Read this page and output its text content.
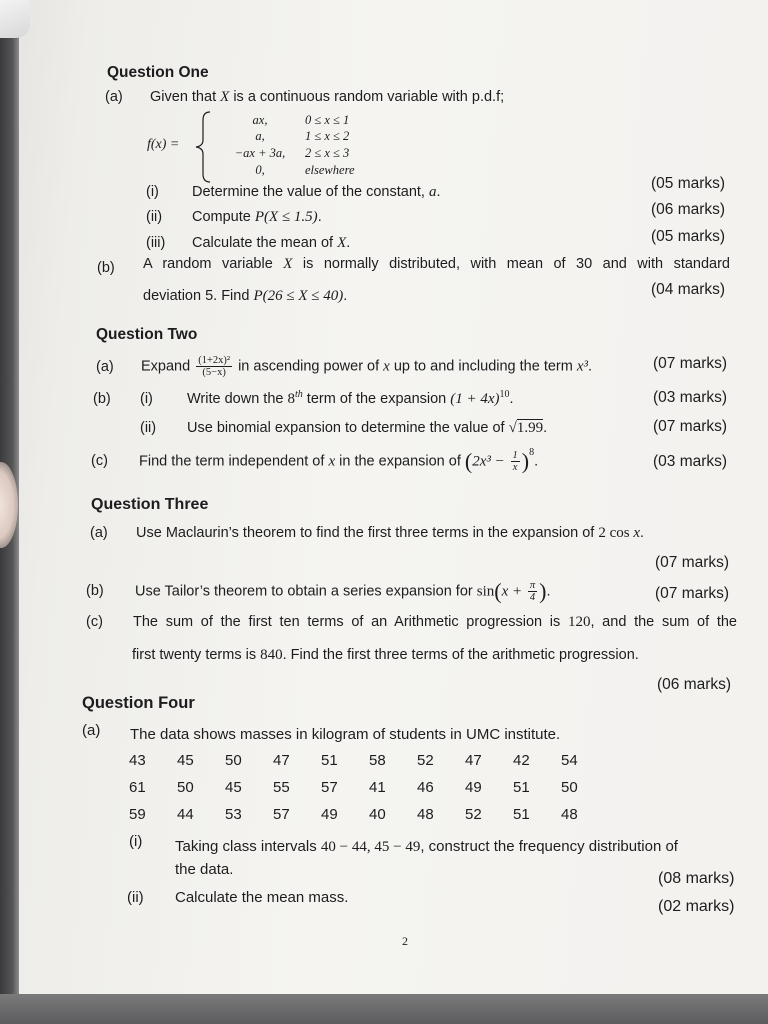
Question One
(a) Given that X is a continuous random variable with p.d.f;
f(x) =
ax,	0 ≤ x ≤ 1
a,	1 ≤ x ≤ 2
−ax + 3a,	2 ≤ x ≤ 3
0,	elsewhere
(i) Determine the value of the constant, a.	(05 marks)
(ii) Compute P(X ≤ 1.5).	(06 marks)
(iii) Calculate the mean of X.	(05 marks)
(b) A random variable X is normally distributed, with mean of 30 and with standard
deviation 5. Find P(26 ≤ X ≤ 40).	(04 marks)
Question Two
(a) Expand $\frac{\text{(1+2x)²}}{(5-x)}$ in ascending power of x up to and including the term x³.	(07 marks)
(b) (i) Write down the 8th term of the expansion $(1 + 4x)^{10}$.	(03 marks)
(ii) Use binomial expansion to determine the value of √1.99.	(07 marks)
(c) Find the term independent of x in the expansion of $(2x^3 - \frac{1}{x} )^8$.	(03 marks)
Question Three
(a) Use Maclaurin’s theorem to find the first three terms in the expansion of 2 cos x.
(07 marks)
(b) Use Tailor’s theorem to obtain a series expansion for $\sin(x + \frac{\pi}{4}$ ).	(07 marks)
(c) The sum of the first ten terms of an Arithmetic progression is 120, and the sum of the
first twenty terms is 840. Find the first three terms of the arithmetic progression.
(06 marks)
Question Four
(a) The data shows masses in kilogram of students in UMC institute.
43 45 50 47 51 58 52 47 42 54
61 50 45 55 57 41 46 49 51 50
59 44 53 57 49 40 48 52 51 48
(i) Taking class intervals 40 − 44, 45 − 49, construct the frequency distribution of
the data.
(08 marks)
(ii) Calculate the mean mass.
(02 marks)
2
